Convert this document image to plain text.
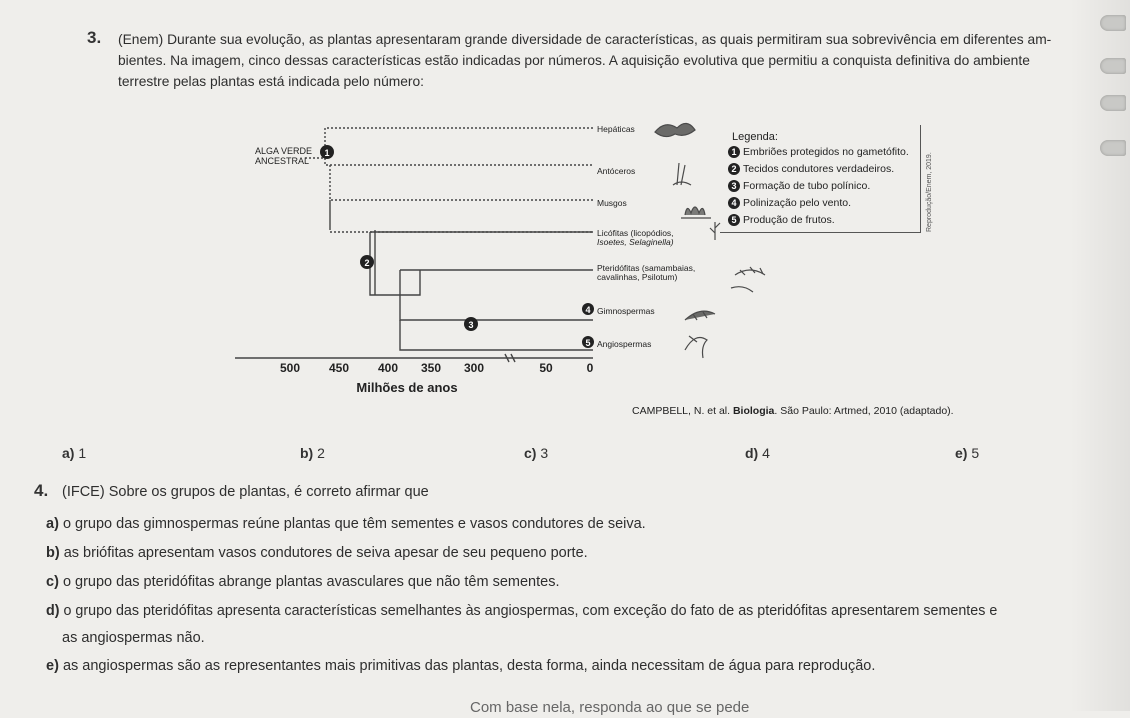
3. (Enem) Durante sua evolução, as plantas apresentaram grande diversidade de características, as quais permitiram sua sobrevivência em diferentes am-
bientes. Na imagem, cinco dessas características estão indicadas por números. A aquisição evolutiva que permitiu a conquista definitiva do ambiente
terrestre pelas plantas está indicada pelo número:
1
2
3
4
5
ALGA VERDE
ANCESTRAL
Hepáticas
Antóceros
Musgos
Licófitas (licopódios,
Isoetes, Selaginella)
Pteridófitas (samambaias,
cavalinhas, Psilotum)
Gimnospermas
Angiospermas
500 450 400 350 300	50	0
Milhões de anos
Legenda:
1 Embriões protegidos no gametófito.
2 Tecidos condutores verdadeiros.
3 Formação de tubo polínico.
4 Polinização pelo vento.
5 Produção de frutos.	Reprodução/Enem, 2019.
CAMPBELL, N. et al. Biologia. São Paulo: Artmed, 2010 (adaptado).
a) 1	b) 2	c) 3	d) 4	e) 5
4. (IFCE) Sobre os grupos de plantas, é correto afirmar que
a) o grupo das gimnospermas reúne plantas que têm sementes e vasos condutores de seiva.
b) as briófitas apresentam vasos condutores de seiva apesar de seu pequeno porte.
c) o grupo das pteridófitas abrange plantas avasculares que não têm sementes.
d) o grupo das pteridófitas apresenta características semelhantes às angiospermas, com exceção do fato de as pteridófitas apresentarem sementes e
as angiospermas não.
e) as angiospermas são as representantes mais primitivas das plantas, desta forma, ainda necessitam de água para reprodução.
Com base nela, responda ao que se pede
